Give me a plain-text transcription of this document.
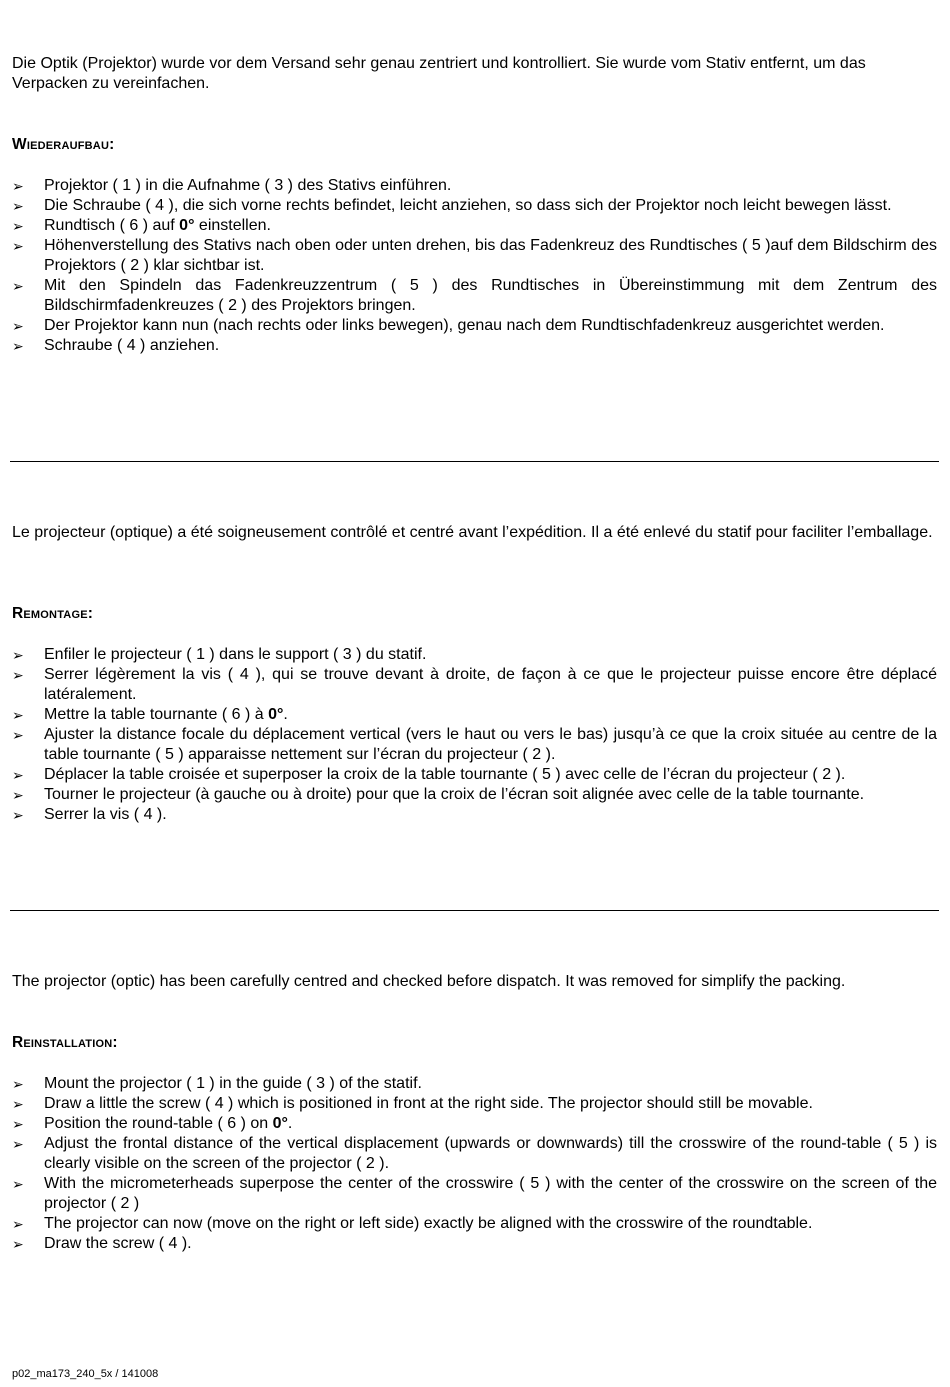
Die Optik (Projektor) wurde vor dem Versand sehr genau zentriert und kontrolliert. Sie wurde vom Stativ entfernt, um das Verpacken zu vereinfachen.

Wiederaufbau:

➢	Projektor ( 1 ) in die Aufnahme ( 3 ) des Stativs einführen.
➢	Die Schraube ( 4 ), die sich vorne rechts befindet, leicht anziehen, so dass sich der Projektor noch leicht bewegen lässt.
➢	Rundtisch ( 6 ) auf 0° einstellen.
➢	Höhenverstellung des Stativs nach oben oder unten drehen, bis das Fadenkreuz des Rundtisches ( 5 )auf dem Bildschirm des Projektors ( 2 ) klar sichtbar ist.
➢	Mit den Spindeln das Fadenkreuzzentrum ( 5 ) des Rundtisches in Übereinstimmung mit dem Zentrum des Bildschirmfadenkreuzes ( 2 ) des Projektors bringen.
➢	Der Projektor kann nun (nach rechts oder links bewegen), genau nach dem Rundtischfadenkreuz ausgerichtet werden.
➢	Schraube ( 4 ) anziehen.

Le projecteur (optique) a été soigneusement contrôlé et centré avant l’expédition. Il a été enlevé du statif pour faciliter l’emballage.

Remontage:

➢	Enfiler le projecteur ( 1 ) dans le support ( 3 ) du statif.
➢	Serrer légèrement la vis ( 4 ), qui se trouve devant à droite, de façon à ce que le projecteur puisse encore être déplacé latéralement.
➢	Mettre la table tournante ( 6 ) à 0°.
➢	Ajuster la distance focale du déplacement vertical (vers le haut ou vers le bas) jusqu’à ce que la croix située au centre de la table tournante ( 5 ) apparaisse nettement sur l’écran du projecteur ( 2 ).
➢	Déplacer la table croisée et superposer la croix de la table tournante ( 5 ) avec celle de l’écran du projecteur ( 2 ).
➢	Tourner le projecteur (à gauche ou à droite) pour que la croix de l’écran soit alignée avec celle de la table tournante.
➢	Serrer la vis ( 4 ).

The projector (optic) has been carefully centred and checked before dispatch. It was removed for simplify the packing.

Reinstallation:

➢	Mount the projector ( 1 ) in the guide ( 3 ) of the statif.
➢	Draw a little the screw ( 4 ) which is positioned in front at the right side. The projector should still be movable.
➢	Position the round-table ( 6 ) on 0°.
➢	Adjust the frontal distance of the vertical displacement (upwards or downwards) till the crosswire of the round-table ( 5 ) is clearly visible on the screen of the projector ( 2 ).
➢	With the micrometerheads superpose the center of the crosswire ( 5 ) with the center of the crosswire on the screen of the projector ( 2 )
➢	The projector can now (move on the right or left side) exactly be aligned with the crosswire of the roundtable.
➢	Draw the screw ( 4 ).
p02_ma173_240_5x / 141008
